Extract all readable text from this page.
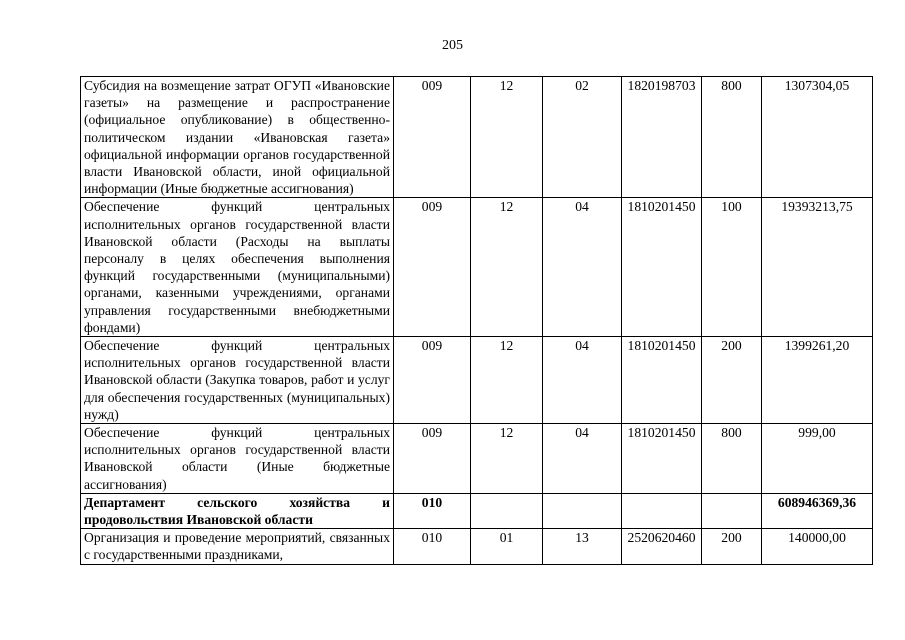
205
Субсидия на возмещение затрат ОГУП «Ивановские газеты» на размещение и распространение (официальное опубликование) в общественно-политическом издании «Ивановская газета» официальной информации органов государственной власти Ивановской области, иной официальной информации (Иные бюджетные ассигнования)	009	12	02	1820198703	800	1307304,05
Обеспечение функций центральных исполнительных органов государственной власти Ивановской области (Расходы на выплаты персоналу в целях обеспечения выполнения функций государственными (муниципальными) органами, казенными учреждениями, органами управления государственными внебюджетными фондами)	009	12	04	1810201450	100	19393213,75
Обеспечение функций центральных исполнительных органов государственной власти Ивановской области (Закупка товаров, работ и услуг для обеспечения государственных (муниципальных) нужд)	009	12	04	1810201450	200	1399261,20
Обеспечение функций центральных исполнительных органов государственной власти Ивановской области (Иные бюджетные ассигнования)	009	12	04	1810201450	800	999,00
Департамент сельского хозяйства и продовольствия Ивановской области	010					608946369,36
Организация и проведение мероприятий, связанных с государственными праздниками,	010	01	13	2520620460	200	140000,00
